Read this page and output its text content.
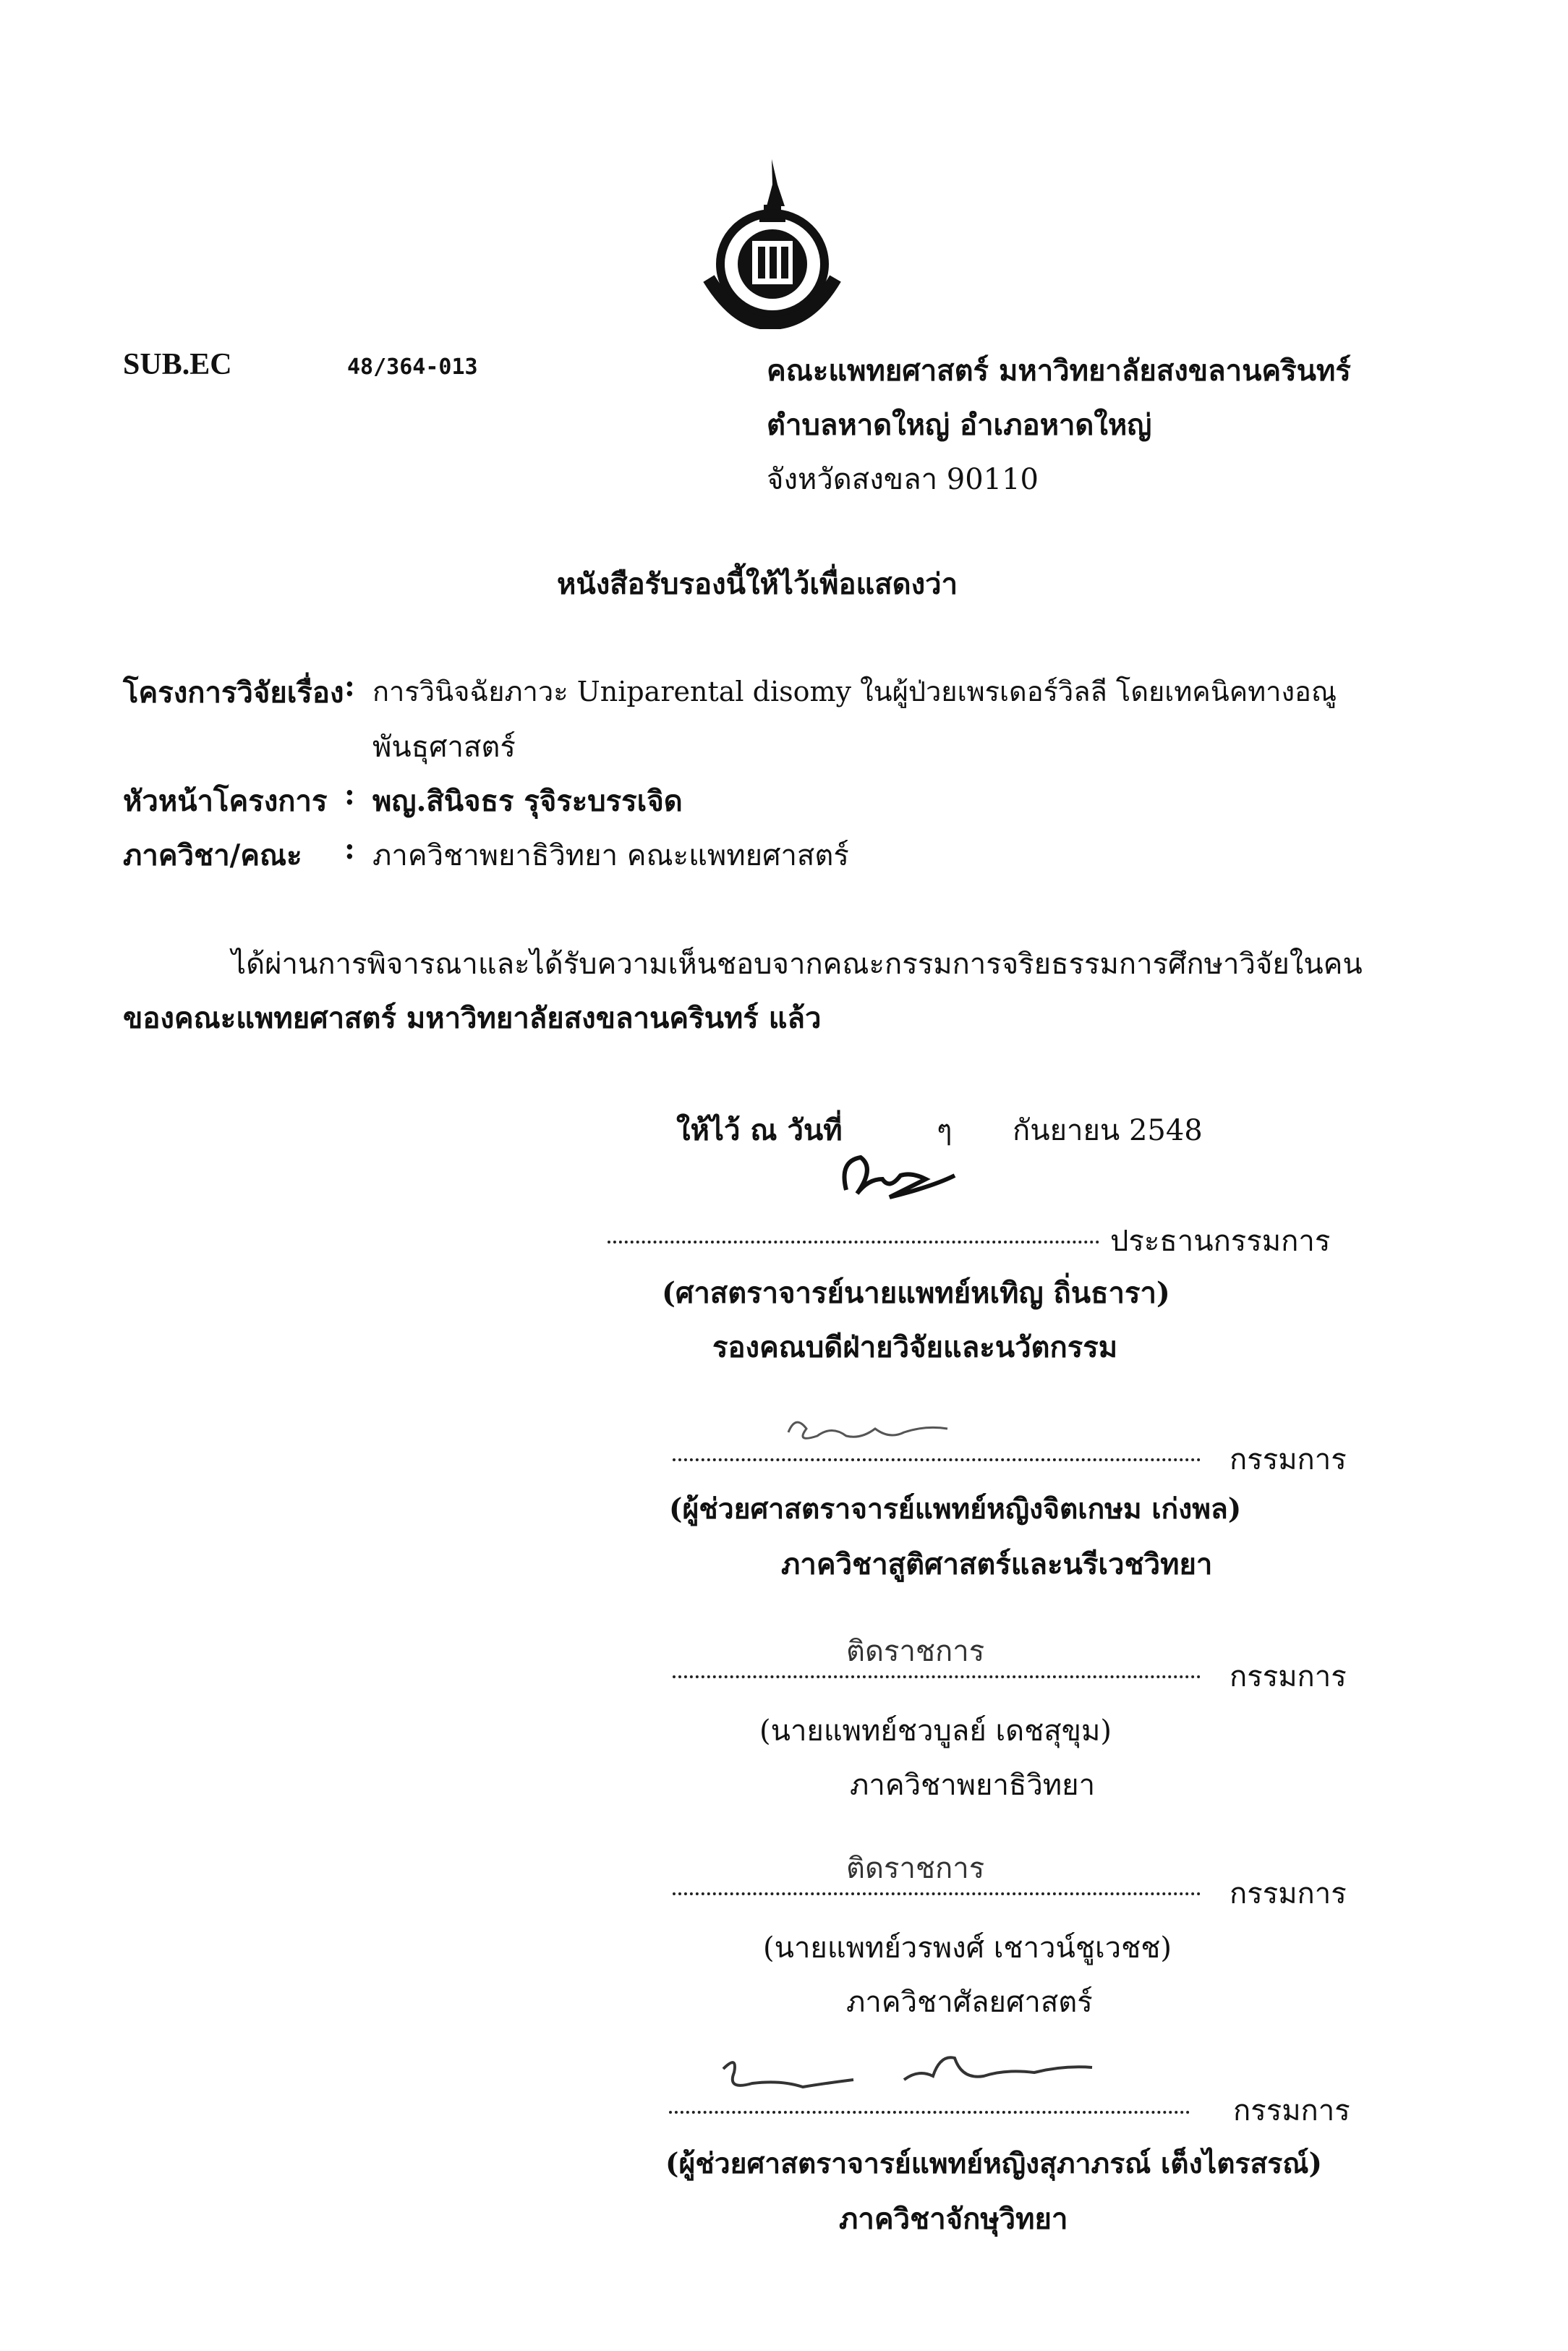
SUB.EC	48/364-013	คณะแพทยศาสตร์ มหาวิทยาลัยสงขลานครินทร์
ตำบลหาดใหญ่ อำเภอหาดใหญ่
จังหวัดสงขลา 90110
หนังสือรับรองนี้ให้ไว้เพื่อแสดงว่า
โครงการวิจัยเรื่อง : การวินิจฉัยภาวะ Uniparental disomy ในผู้ป่วยเพรเดอร์วิลลี โดยเทคนิคทางอณู
พันธุศาสตร์
หัวหน้าโครงการ : พญ.สินิจธร รุจิระบรรเจิด
ภาควิชา/คณะ : ภาควิชาพยาธิวิทยา คณะแพทยศาสตร์
ได้ผ่านการพิจารณาและได้รับความเห็นชอบจากคณะกรรมการจริยธรรมการศึกษาวิจัยในคน
ของคณะแพทยศาสตร์ มหาวิทยาลัยสงขลานครินทร์ แล้ว
ให้ไว้ ณ วันที่	ๆ กันยายน 2548
ประธานกรรมการ
(ศาสตราจารย์นายแพทย์หเทิญ ถิ่นธารา)
รองคณบดีฝ่ายวิจัยและนวัตกรรม
กรรมการ
(ผู้ช่วยศาสตราจารย์แพทย์หญิงจิตเกษม เก่งพล)
ภาควิชาสูติศาสตร์และนรีเวชวิทยา
ติดราชการ
กรรมการ
(นายแพทย์ชวบูลย์ เดชสุขุม)
ภาควิชาพยาธิวิทยา
ติดราชการ
กรรมการ
(นายแพทย์วรพงศ์ เชาวน์ชูเวชช)
ภาควิชาศัลยศาสตร์
กรรมการ
(ผู้ช่วยศาสตราจารย์แพทย์หญิงสุภาภรณ์ เต็งไตรสรณ์)
ภาควิชาจักษุวิทยา
